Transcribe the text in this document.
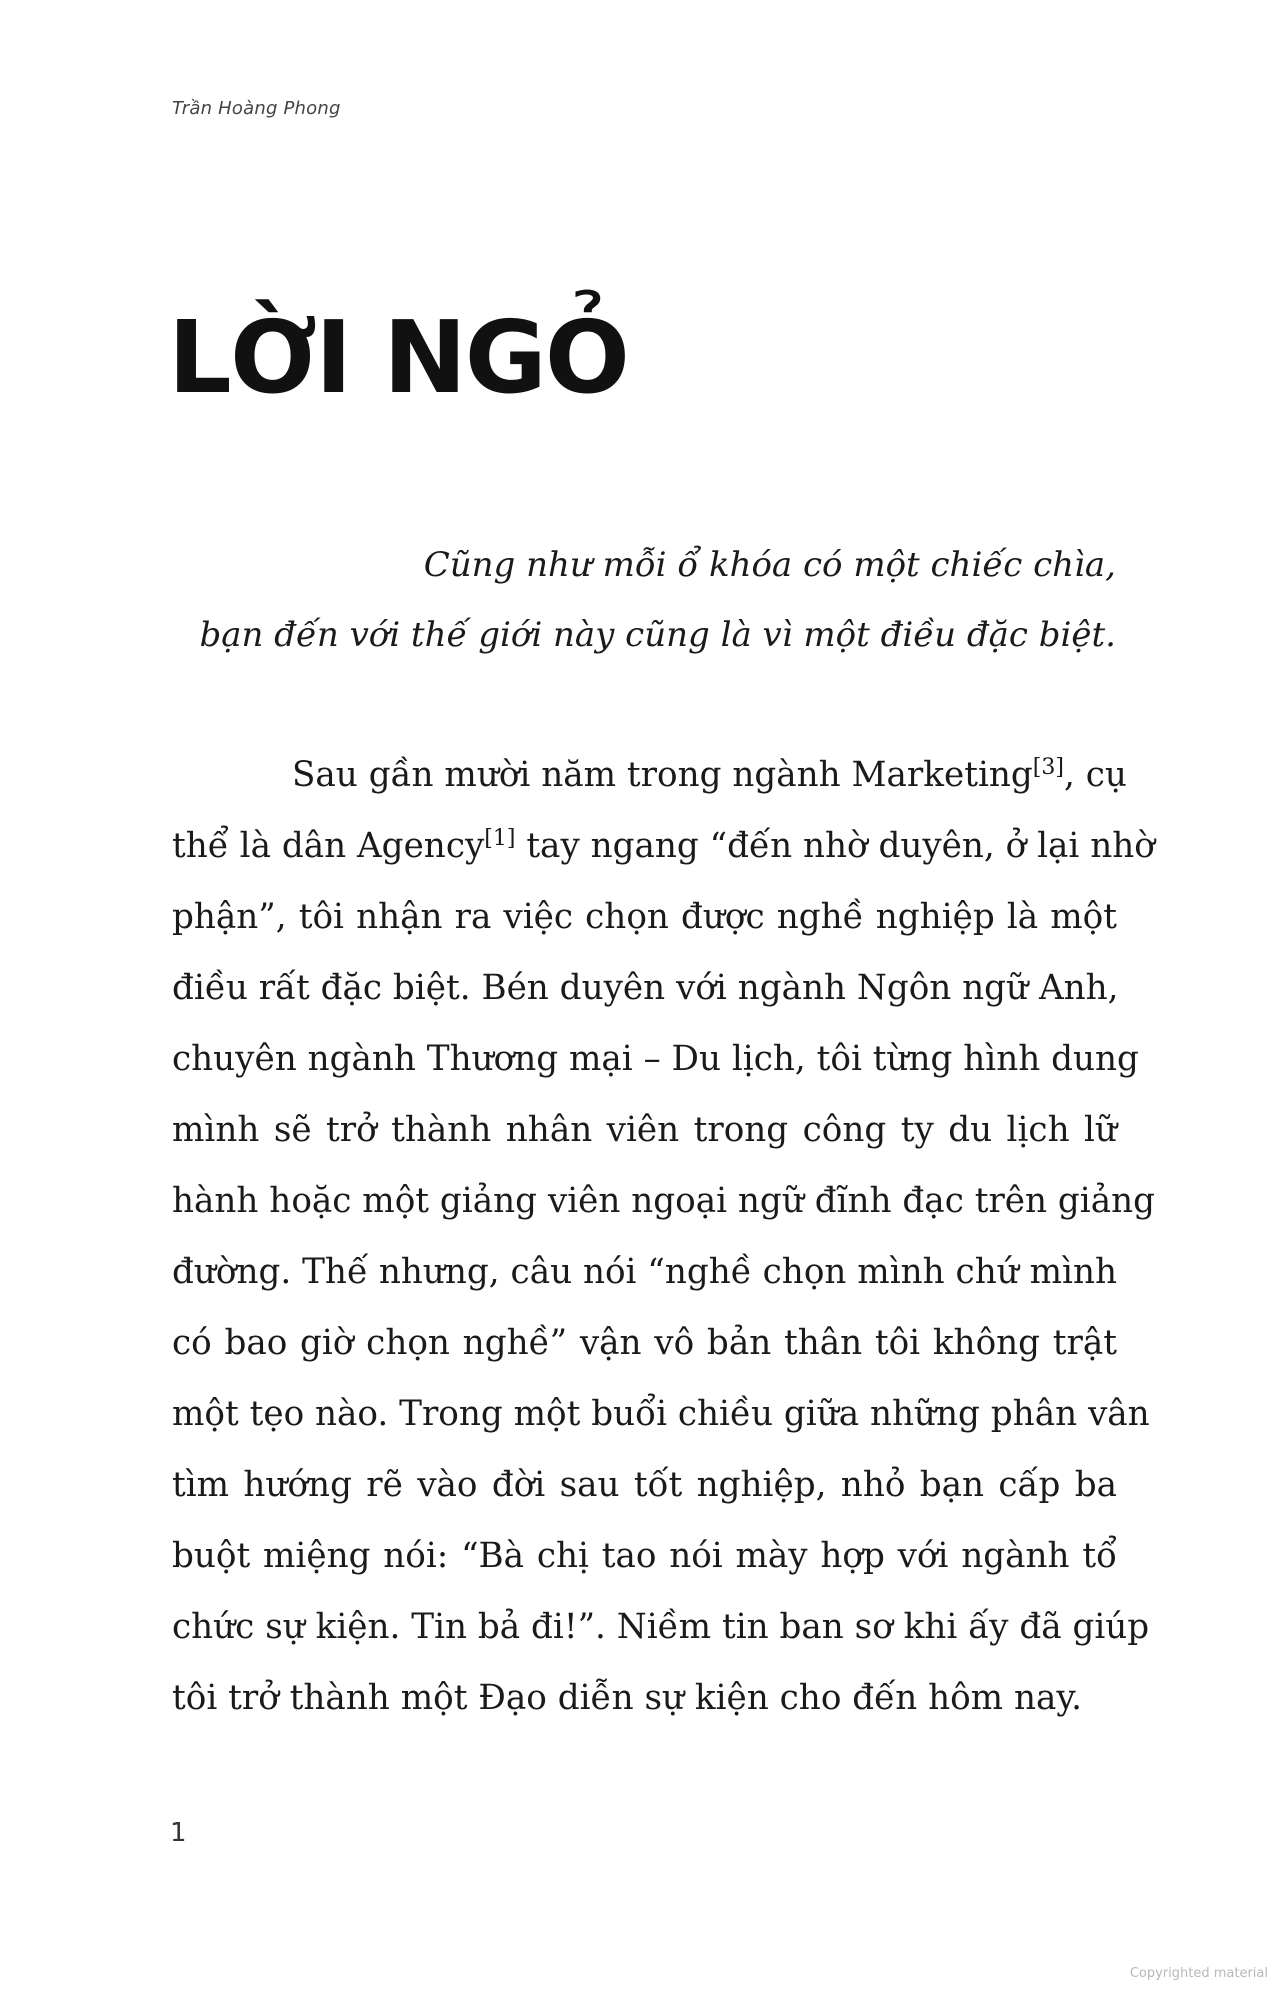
Trần Hoàng Phong
LỜI NGỎ
Cũng như mỗi ổ khóa có một chiếc chìa,
bạn đến với thế giới này cũng là vì một điều đặc biệt.
Sau gần mười năm trong ngành Marketing[3], cụ
thể là dân Agency[1] tay ngang “đến nhờ duyên, ở lại nhờ
phận”, tôi nhận ra việc chọn được nghề nghiệp là một
điều rất đặc biệt. Bén duyên với ngành Ngôn ngữ Anh,
chuyên ngành Thương mại – Du lịch, tôi từng hình dung
mình sẽ trở thành nhân viên trong công ty du lịch lữ
hành hoặc một giảng viên ngoại ngữ đĩnh đạc trên giảng
đường. Thế nhưng, câu nói “nghề chọn mình chứ mình
có bao giờ chọn nghề” vận vô bản thân tôi không trật
một tẹo nào. Trong một buổi chiều giữa những phân vân
tìm hướng rẽ vào đời sau tốt nghiệp, nhỏ bạn cấp ba
buột miệng nói: “Bà chị tao nói mày hợp với ngành tổ
chức sự kiện. Tin bả đi!”. Niềm tin ban sơ khi ấy đã giúp
tôi trở thành một Đạo diễn sự kiện cho đến hôm nay.
1
Copyrighted material
